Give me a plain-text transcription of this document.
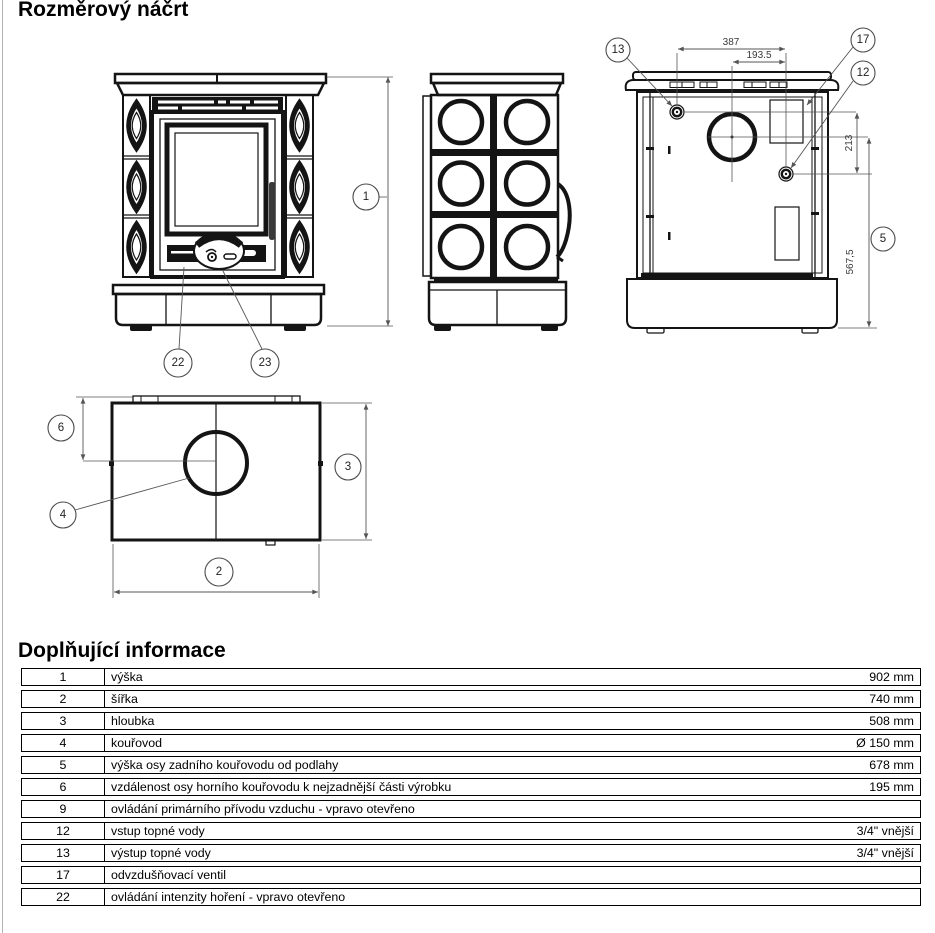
Rozměrový náčrt
1
22	23
387
193.5
213
567,5
13
17
12
5
6
4
3
2
Doplňující informace
1	výška	902 mm
2	šířka	740 mm
3	hloubka	508 mm
4	kouřovod	Ø 150 mm
5	výška osy zadního kouřovodu od podlahy	678 mm
6	vzdálenost osy horního kouřovodu k nejzadnější části výrobku	195 mm
9	ovládání primárního přívodu vzduchu - vpravo otevřeno	
12	vstup topné vody	3/4" vnější
13	výstup topné vody	3/4" vnější
17	odvzdušňovací ventil	
22	ovládání intenzity hoření - vpravo otevřeno	
